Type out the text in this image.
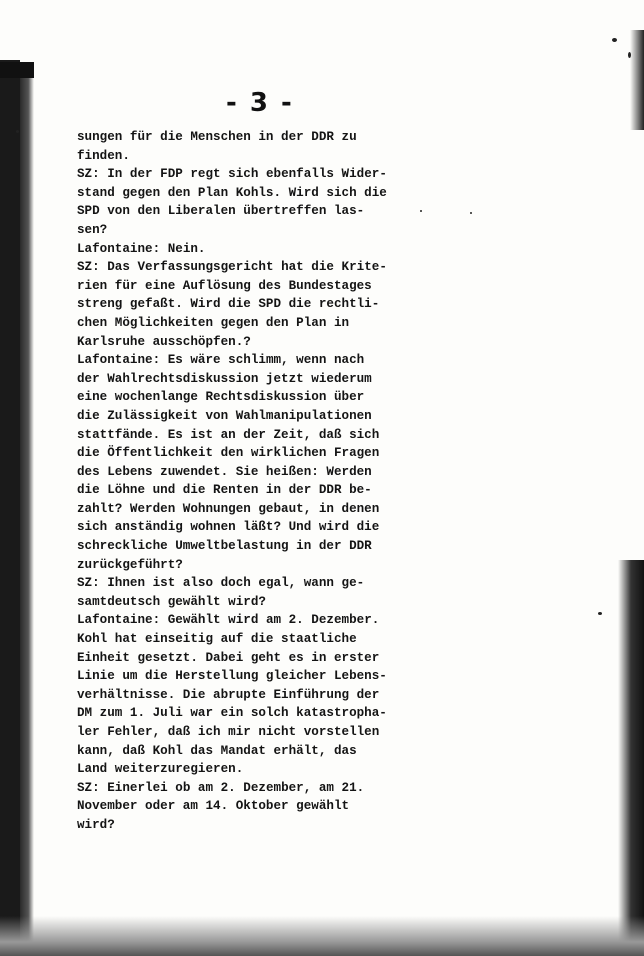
- 3 -
sungen für die Menschen in der DDR zu
finden.
SZ: In der FDP regt sich ebenfalls Wider-
stand gegen den Plan Kohls. Wird sich die
SPD von den Liberalen übertreffen las-
sen?
Lafontaine: Nein.
SZ: Das Verfassungsgericht hat die Krite-
rien für eine Auflösung des Bundestages
streng gefaßt. Wird die SPD die rechtli-
chen Möglichkeiten gegen den Plan in
Karlsruhe ausschöpfen.?
Lafontaine: Es wäre schlimm, wenn nach
der Wahlrechtsdiskussion jetzt wiederum
eine wochenlange Rechtsdiskussion über
die Zulässigkeit von Wahlmanipulationen
stattfände. Es ist an der Zeit, daß sich
die Öffentlichkeit den wirklichen Fragen
des Lebens zuwendet. Sie heißen: Werden
die Löhne und die Renten in der DDR be-
zahlt? Werden Wohnungen gebaut, in denen
sich anständig wohnen läßt? Und wird die
schreckliche Umweltbelastung in der DDR
zurückgeführt?
SZ: Ihnen ist also doch egal, wann ge-
samtdeutsch gewählt wird?
Lafontaine: Gewählt wird am 2. Dezember.
Kohl hat einseitig auf die staatliche
Einheit gesetzt. Dabei geht es in erster
Linie um die Herstellung gleicher Lebens-
verhältnisse. Die abrupte Einführung der
DM zum 1. Juli war ein solch katastropha-
ler Fehler, daß ich mir nicht vorstellen
kann, daß Kohl das Mandat erhält, das
Land weiterzuregieren.
SZ: Einerlei ob am 2. Dezember, am 21.
November oder am 14. Oktober gewählt
wird?
